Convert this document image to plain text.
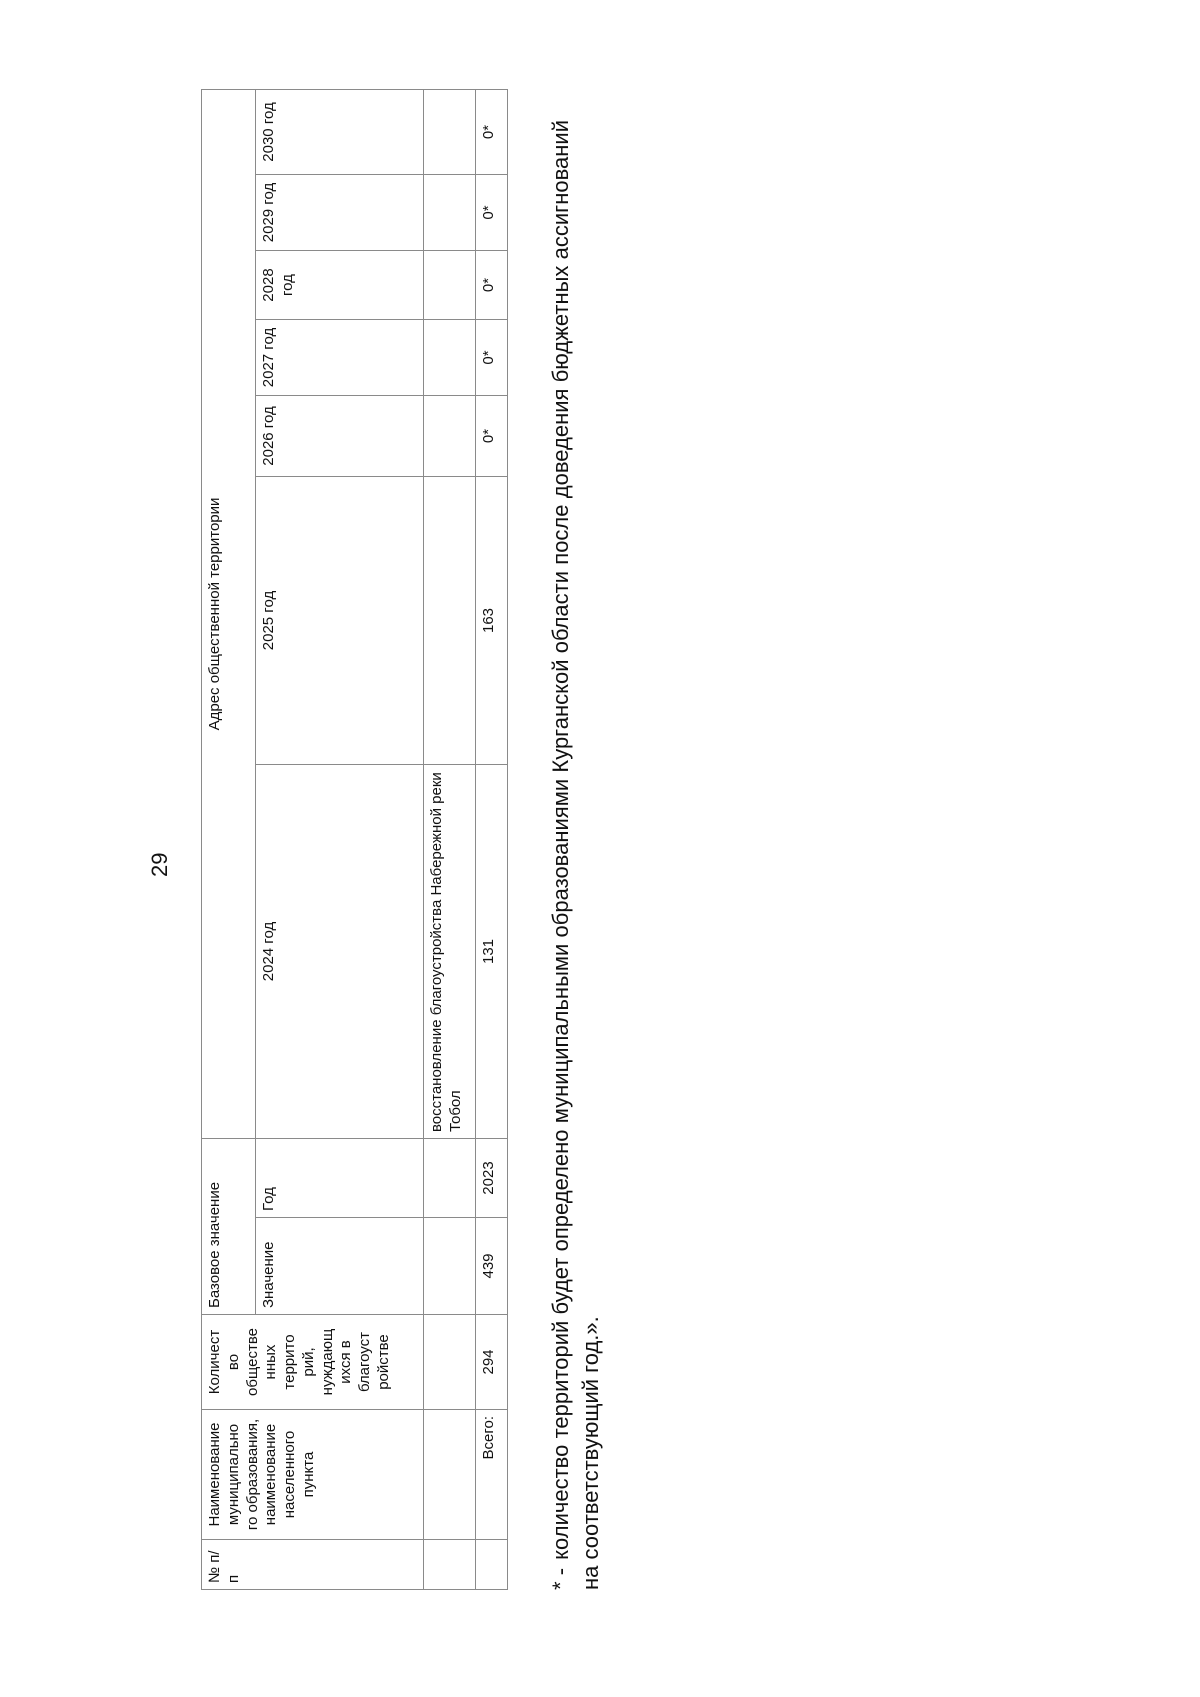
29
№ п/п	Наименование муниципально го образования, наименование населенного пункта	Количест во обществе нных террито рий, нуждающ ихся в благоуст ройстве	Базовое значение		Адрес общественной территории						
			Значение	Год	2024 год	2025 год	2026 год	2027 год	2028 год	2029 год	2030 год
					восстановление благоустройства Набережной реки Тобол						
	Всего:	294	439	2023	131	163	0*	0*	0*	0*	0*

* -количество территорий будет определено муниципальными образованиями Курганской области после доведения бюджетных ассигнований на соответствующий год.».
